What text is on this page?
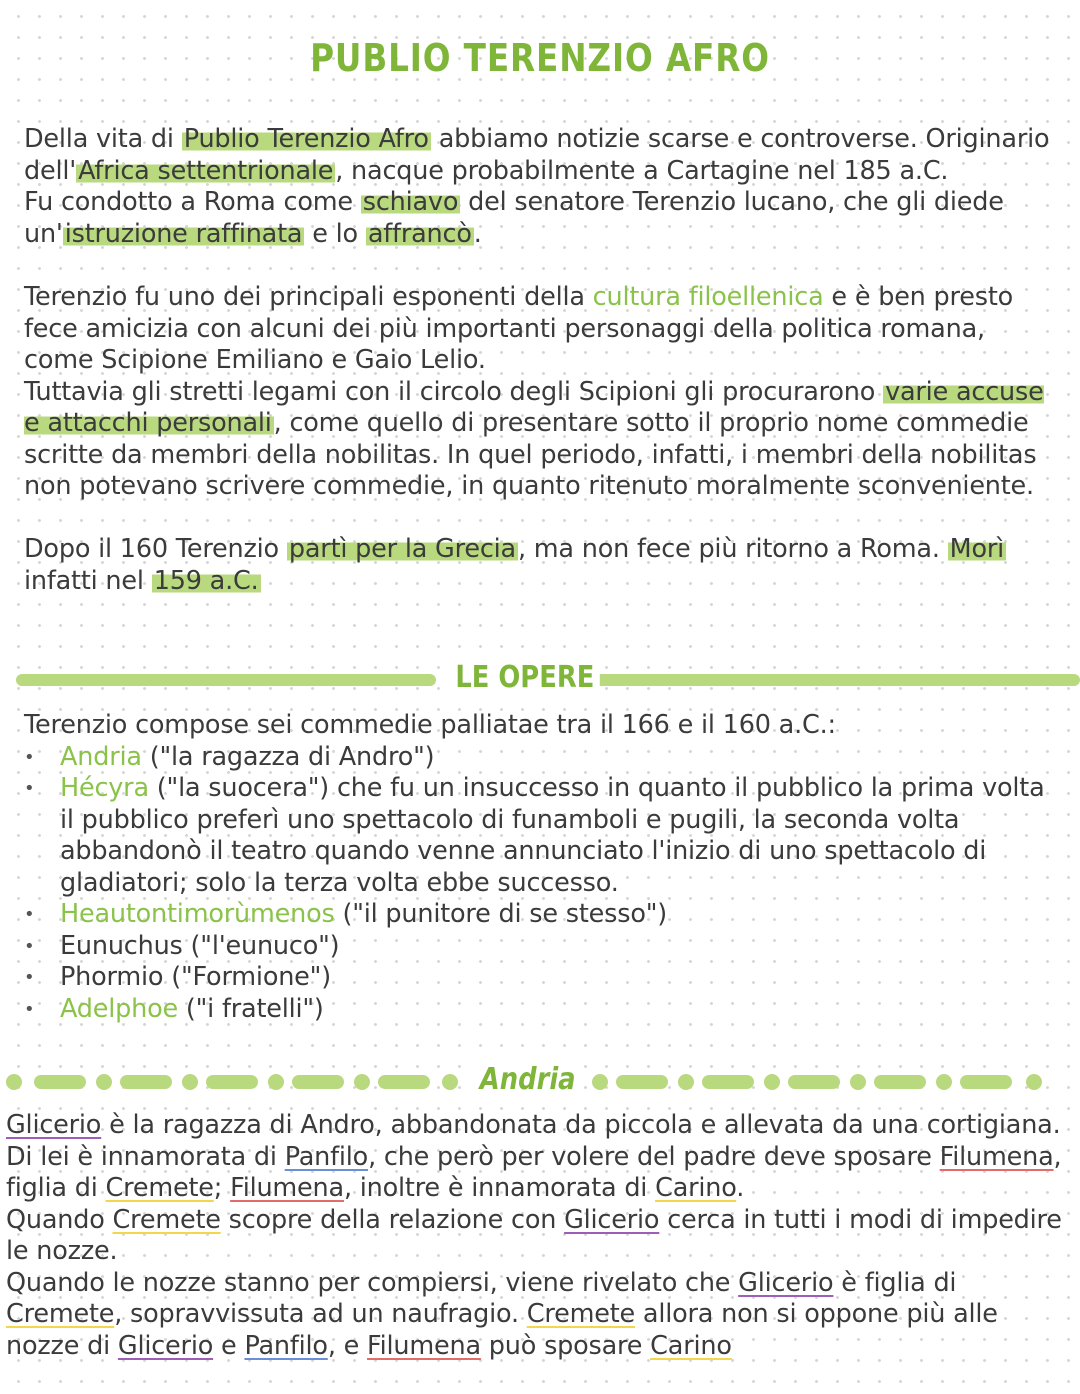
PUBLIO TERENZIO AFRO
Della vita di Publio Terenzio Afro abbiamo notizie scarse e controverse. Originario dell'Africa settentrionale, nacque probabilmente a Cartagine nel 185 a.C.
Fu condotto a Roma come schiavo del senatore Terenzio lucano, che gli diede un'istruzione raffinata e lo affrancò.
Terenzio fu uno dei principali esponenti della cultura filoellenica e è ben presto fece amicizia con alcuni dei più importanti personaggi della politica romana, come Scipione Emiliano e Gaio Lelio.
Tuttavia gli stretti legami con il circolo degli Scipioni gli procurarono varie accuse e attacchi personali, come quello di presentare sotto il proprio nome commedie scritte da membri della nobilitas. In quel periodo, infatti, i membri della nobilitas non potevano scrivere commedie, in quanto ritenuto moralmente sconveniente.
Dopo il 160 Terenzio partì per la Grecia, ma non fece più ritorno a Roma. Morì infatti nel 159 a.C.
LE OPERE
Terenzio compose sei commedie palliatae tra il 166 e il 160 a.C.:
• Andria ("la ragazza di Andro")
• Hécyra ("la suocera") che fu un insuccesso in quanto il pubblico la prima volta il pubblico preferì uno spettacolo di funamboli e pugili, la seconda volta abbandonò il teatro quando venne annunciato l'inizio di uno spettacolo di gladiatori; solo la terza volta ebbe successo.
• Heautontimorùmenos ("il punitore di se stesso")
• Eunuchus ("l'eunuco")
• Phormio ("Formione")
• Adelphoe ("i fratelli")
Andria
Glicerio è la ragazza di Andro, abbandonata da piccola e allevata da una cortigiana. Di lei è innamorata di Panfilo, che però per volere del padre deve sposare Filumena, figlia di Cremete; Filumena, inoltre è innamorata di Carino.
Quando Cremete scopre della relazione con Glicerio cerca in tutti i modi di impedire le nozze.
Quando le nozze stanno per compiersi, viene rivelato che Glicerio è figlia di Cremete, sopravvissuta ad un naufragio. Cremete allora non si oppone più alle nozze di Glicerio e Panfilo, e Filumena può sposare Carino
